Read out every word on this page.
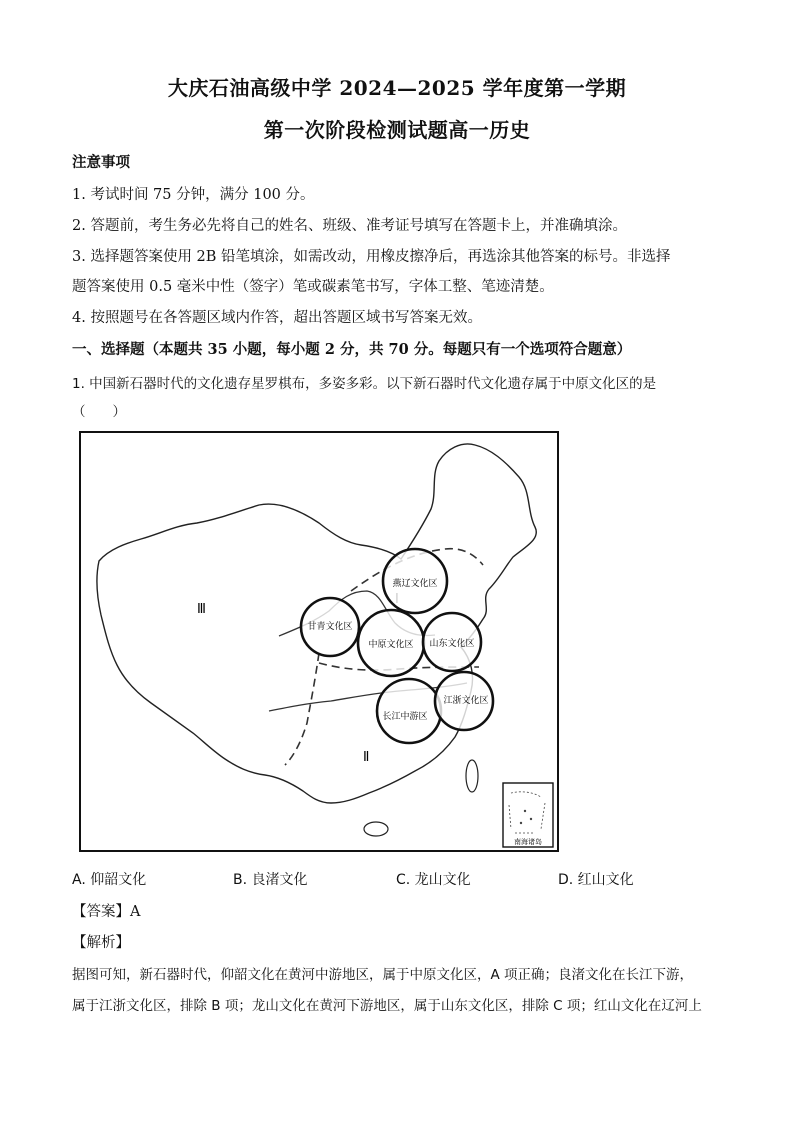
大庆石油高级中学 2024—2025 学年度第一学期
第一次阶段检测试题高一历史
注意事项
1. 考试时间 75 分钟，满分 100 分。
2. 答题前，考生务必先将自己的姓名、班级、准考证号填写在答题卡上，并准确填涂。
3. 选择题答案使用 2B 铅笔填涂，如需改动，用橡皮擦净后，再选涂其他答案的标号。非选择
题答案使用 0.5 毫米中性（签字）笔或碳素笔书写，字体工整、笔迹清楚。
4. 按照题号在各答题区域内作答，超出答题区域书写答案无效。
一、选择题（本题共 35 小题，每小题 2 分，共 70 分。每题只有一个选项符合题意）
1. 中国新石器时代的文化遗存星罗棋布，多姿多彩。以下新石器时代文化遗存属于中原文化区的是
（　　）
Ⅲ
Ⅱ
燕辽文化区
甘青文化区
中原文化区 山东文化区
长江中游区
江浙文化区
南海诸岛
A. 仰韶文化	B. 良渚文化	C. 龙山文化	D. 红山文化
【答案】A
【解析】
据图可知，新石器时代，仰韶文化在黄河中游地区，属于中原文化区，A 项正确；良渚文化在长江下游，
属于江浙文化区，排除 B 项；龙山文化在黄河下游地区，属于山东文化区，排除 C 项；红山文化在辽河上
